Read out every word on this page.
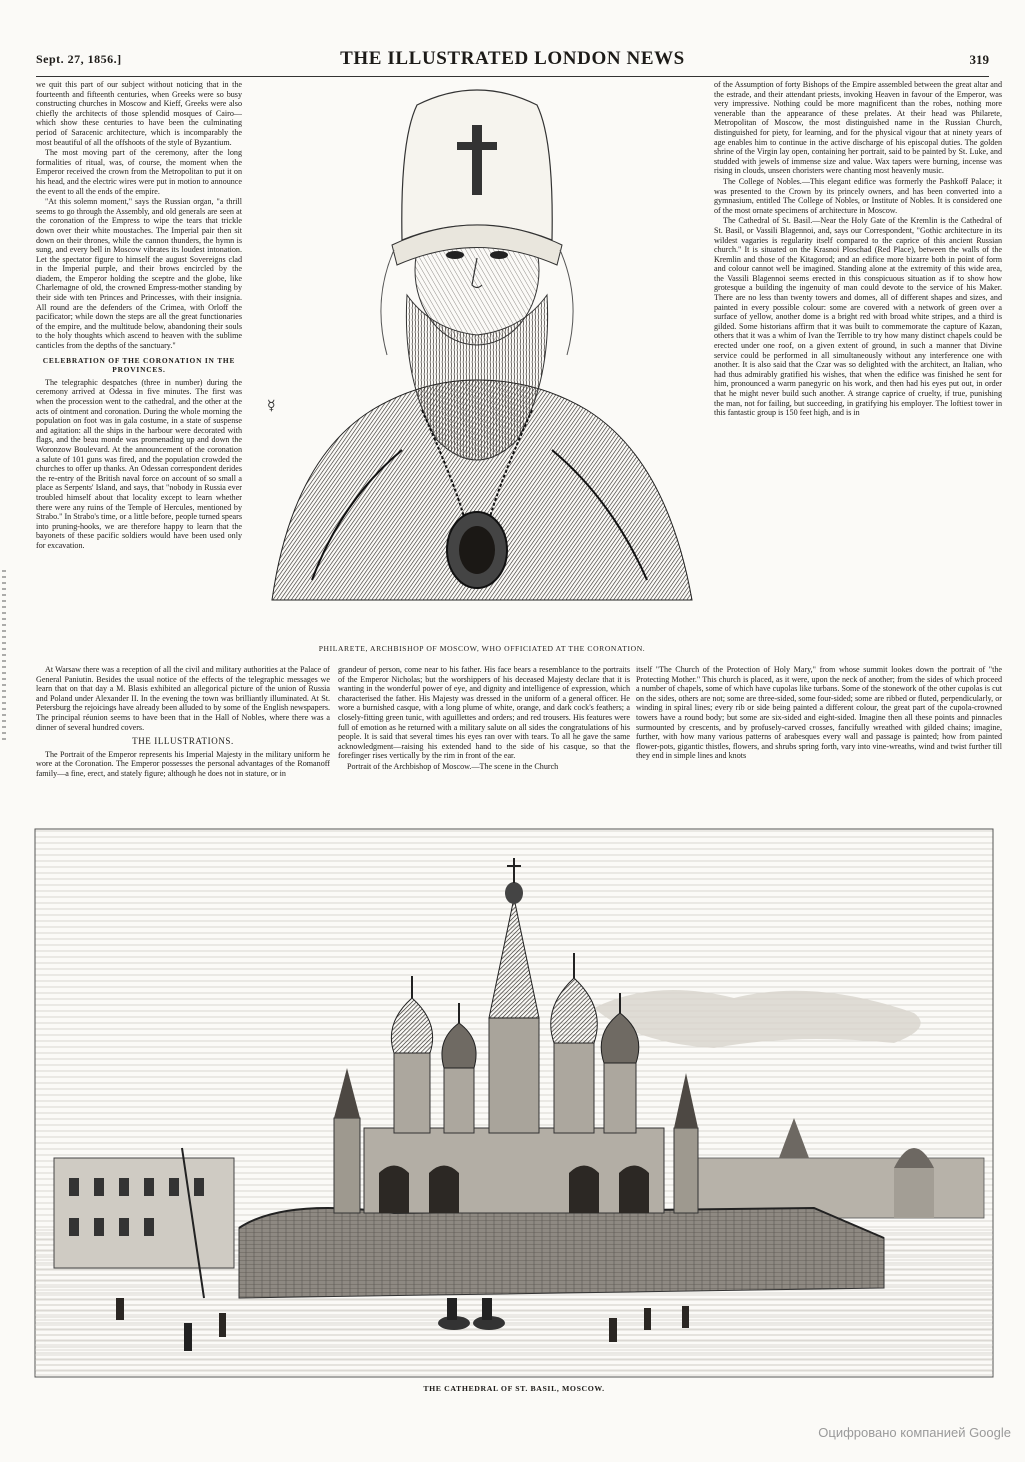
Sept. 27, 1856.]	THE ILLUSTRATED LONDON NEWS	319

we quit this part of our subject without noticing that in the fourteenth and fifteenth centuries, when Greeks were so busy constructing churches in Moscow and Kieff, Greeks were also chiefly the architects of those splendid mosques of Cairo—which show these centuries to have been the culminating period of Saracenic architecture, which is incomparably the most beautiful of all the offshoots of the style of Byzantium.

The most moving part of the ceremony, after the long formalities of ritual, was, of course, the moment when the Emperor received the crown from the Metropolitan to put it on his head, and the electric wires were put in motion to announce the event to all the ends of the empire.

"At this solemn moment," says the Russian organ, "a thrill seems to go through the Assembly, and old generals are seen at the coronation of the Empress to wipe the tears that trickle down over their white moustaches. The Imperial pair then sit down on their thrones, while the cannon thunders, the hymn is sung, and every bell in Moscow vibrates its loudest intonation. Let the spectator figure to himself the august Sovereigns clad in the Imperial purple, and their brows encircled by the diadem, the Emperor holding the sceptre and the globe, like Charlemagne of old, the crowned Empress-mother standing by their side with ten Princes and Princesses, with their insignia. All round are the defenders of the Crimea, with Orloff the pacificator; while down the steps are all the great functionaries of the empire, and the multitude below, abandoning their souls to the holy thoughts which ascend to heaven with the sublime canticles from the depths of the sanctuary."

CELEBRATION OF THE CORONATION IN THE PROVINCES.

The telegraphic despatches (three in number) during the ceremony arrived at Odessa in five minutes. The first was when the procession went to the cathedral, and the other at the acts of ointment and coronation. During the whole morning the population on foot was in gala costume, in a state of suspense and agitation: all the ships in the harbour were decorated with flags, and the beau monde was promenading up and down the Woronzow Boulevard. At the announcement of the coronation a salute of 101 guns was fired, and the population crowded the churches to offer up thanks. An Odessan correspondent derides the re-entry of the British naval force on account of so small a place as Serpents' Island, and says, that "nobody in Russia ever troubled himself about that locality except to learn whether there were any ruins of the Temple of Hercules, mentioned by Strabo." In Strabo's time, or a little before, people turned spears into pruning-hooks, we are therefore happy to learn that the bayonets of these pacific soldiers would have been used only for excavation.

☿
PHILARETE, ARCHBISHOP OF MOSCOW, WHO OFFICIATED AT THE CORONATION.

of the Assumption of forty Bishops of the Empire assembled between the great altar and the estrade, and their attendant priests, invoking Heaven in favour of the Emperor, was very impressive. Nothing could be more magnificent than the robes, nothing more venerable than the appearance of these prelates. At their head was Philarete, Metropolitan of Moscow, the most distinguished name in the Russian Church, distinguished for piety, for learning, and for the physical vigour that at ninety years of age enables him to continue in the active discharge of his episcopal duties. The golden shrine of the Virgin lay open, containing her portrait, said to be painted by St. Luke, and studded with jewels of immense size and value. Wax tapers were burning, incense was rising in clouds, unseen choristers were chanting most heavenly music.

The College of Nobles.—This elegant edifice was formerly the Pashkoff Palace; it was presented to the Crown by its princely owners, and has been converted into a gymnasium, entitled The College of Nobles, or Institute of Nobles. It is considered one of the most ornate specimens of architecture in Moscow.

The Cathedral of St. Basil.—Near the Holy Gate of the Kremlin is the Cathedral of St. Basil, or Vassili Blagennoi, and, says our Correspondent, "Gothic architecture in its wildest vagaries is regularity itself compared to the caprice of this ancient Russian church." It is situated on the Krasnoi Ploschad (Red Place), between the walls of the Kremlin and those of the Kitagorod; and an edifice more bizarre both in point of form and colour cannot well be imagined. Standing alone at the extremity of this wide area, the Vassili Blagennoi seems erected in this conspicuous situation as if to show how grotesque a building the ingenuity of man could devote to the service of his Maker. There are no less than twenty towers and domes, all of different shapes and sizes, and painted in every possible colour: some are covered with a network of green over a surface of yellow, another dome is a bright red with broad white stripes, and a third is gilded. Some historians affirm that it was built to commemorate the capture of Kazan, others that it was a whim of Ivan the Terrible to try how many distinct chapels could be erected under one roof, on a given extent of ground, in such a manner that Divine service could be performed in all simultaneously without any interference one with another. It is also said that the Czar was so delighted with the architect, an Italian, who had thus admirably gratified his wishes, that when the edifice was finished he sent for him, pronounced a warm panegyric on his work, and then had his eyes put out, in order that he might never build such another. A strange caprice of cruelty, if true, punishing the man, not for failing, but succeeding, in gratifying his employer. The loftiest tower in this fantastic group is 150 feet high, and is in

At Warsaw there was a reception of all the civil and military authorities at the Palace of General Paniutin. Besides the usual notice of the effects of the telegraphic messages we learn that on that day a M. Blasis exhibited an allegorical picture of the union of Russia and Poland under Alexander II. In the evening the town was brilliantly illuminated. At St. Petersburg the rejoicings have already been alluded to by some of the English newspapers. The principal réunion seems to have been that in the Hall of Nobles, where there was a dinner of several hundred covers.

THE ILLUSTRATIONS.

The Portrait of the Emperor represents his Imperial Majesty in the military uniform he wore at the Coronation. The Emperor possesses the personal advantages of the Romanoff family—a fine, erect, and stately figure; although he does not in stature, or in

grandeur of person, come near to his father. His face bears a resemblance to the portraits of the Emperor Nicholas; but the worshippers of his deceased Majesty declare that it is wanting in the wonderful power of eye, and dignity and intelligence of expression, which characterised the father. His Majesty was dressed in the uniform of a general officer. He wore a burnished casque, with a long plume of white, orange, and dark cock's feathers; a closely-fitting green tunic, with aguillettes and orders; and red trousers. His features were full of emotion as he returned with a military salute on all sides the congratulations of his people. It is said that several times his eyes ran over with tears. To all he gave the same acknowledgment—raising his extended hand to the side of his casque, so that the forefinger rises vertically by the rim in front of the ear.

Portrait of the Archbishop of Moscow.—The scene in the Church

itself "The Church of the Protection of Holy Mary," from whose summit lookes down the portrait of "the Protecting Mother." This church is placed, as it were, upon the neck of another; from the sides of which proceed a number of chapels, some of which have cupolas like turbans. Some of the stonework of the other cupolas is cut on the sides, others are not; some are three-sided, some four-sided; some are ribbed or fluted, perpendicularly, or winding in spiral lines; every rib or side being painted a different colour, the great part of the cupola-crowned towers have a round body; but some are six-sided and eight-sided. Imagine then all these points and pinnacles surmounted by crescents, and by profusely-carved crosses, fancifully wreathed with gilded chains; imagine, further, with how many various patterns of arabesques every wall and passage is painted; how from painted flower-pots, gigantic thistles, flowers, and shrubs spring forth, vary into vine-wreaths, wind and twist further till they end in simple lines and knots

THE CATHEDRAL OF ST. BASIL, MOSCOW.
Оцифровано компанией Google
